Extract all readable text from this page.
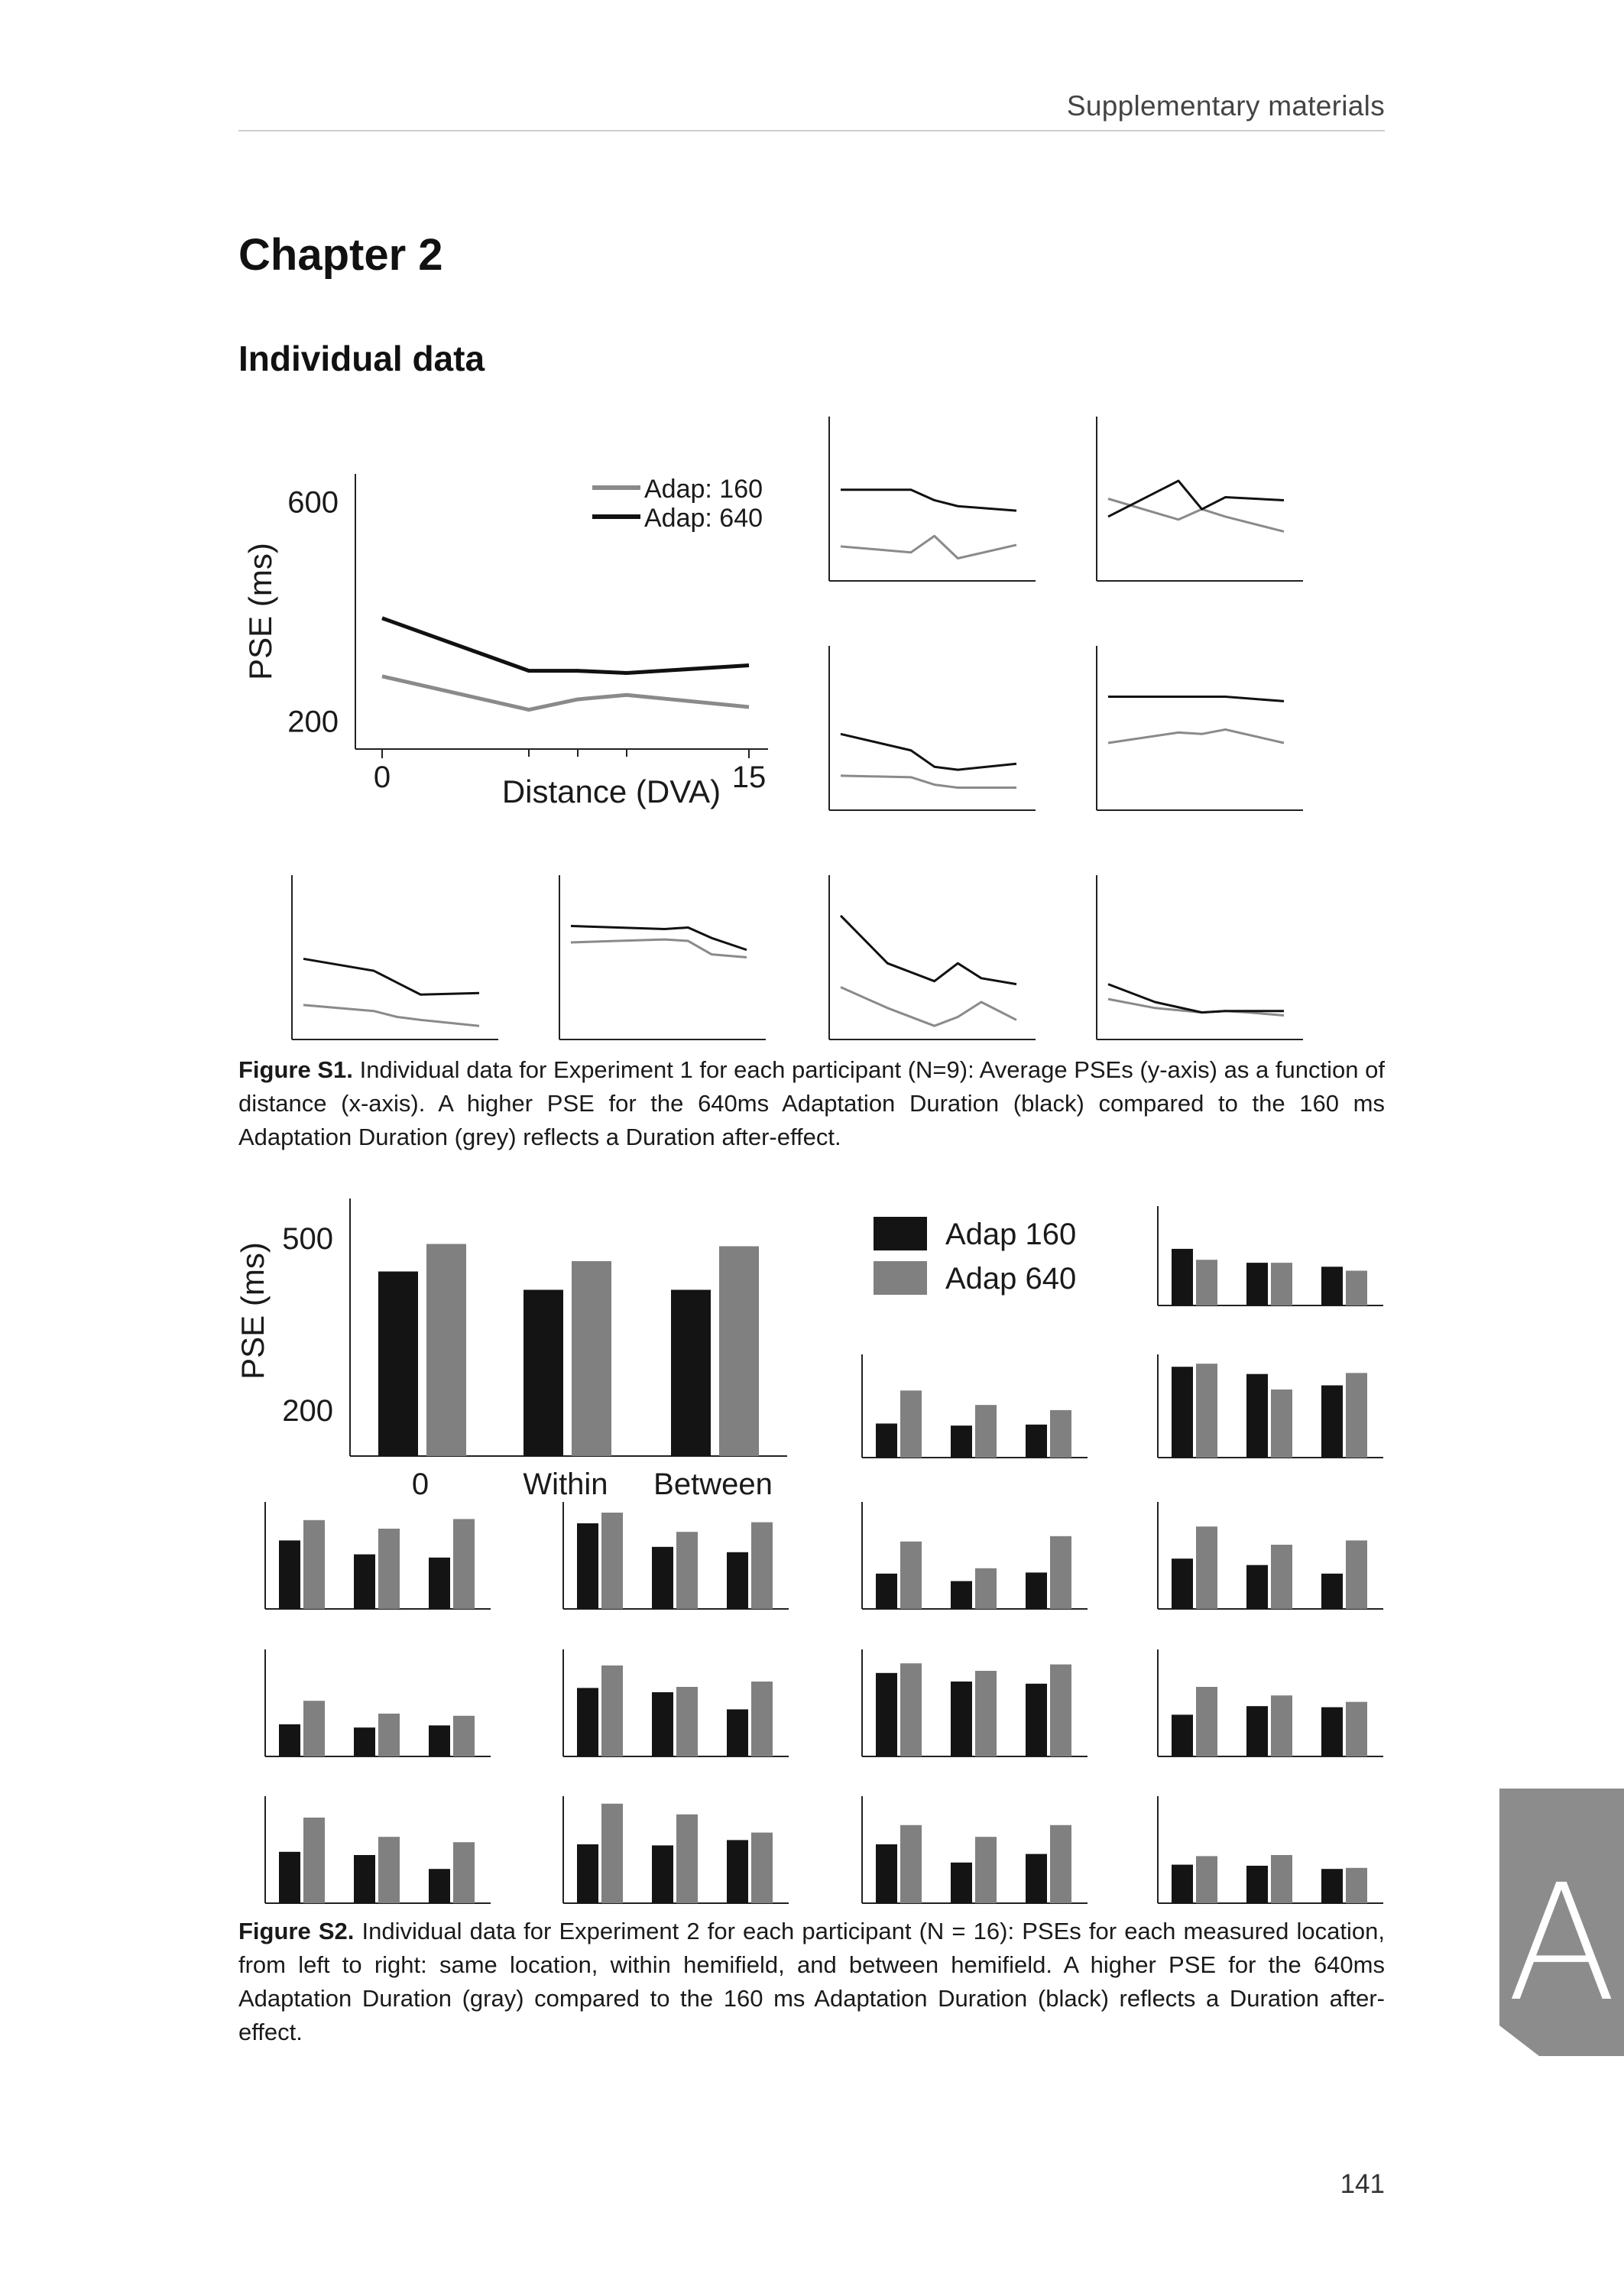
Supplementary materials
Chapter 2
Individual data
0	15
200
600
Distance (DVA)
PSE (ms)
Adap: 160
Adap: 640

Figure S1. Individual data for Experiment 1 for each participant (N=9): Average PSEs (y-axis) as a function of distance (x-axis). A higher PSE for the 640ms Adaptation Duration (black) compared to the 160 ms Adaptation Duration (grey) reflects a Duration after-effect.

200
500
PSE (ms)
0	Within Between
Adap 160
Adap 640

Figure S2. Individual data for Experiment 2 for each participant (N = 16): PSEs for each measured location, from left to right: same location, within hemifield, and between hemifield. A higher PSE for the 640ms Adaptation Duration (gray) compared to the 160 ms Adaptation Duration (black) reflects a Duration after-effect.

141
A
